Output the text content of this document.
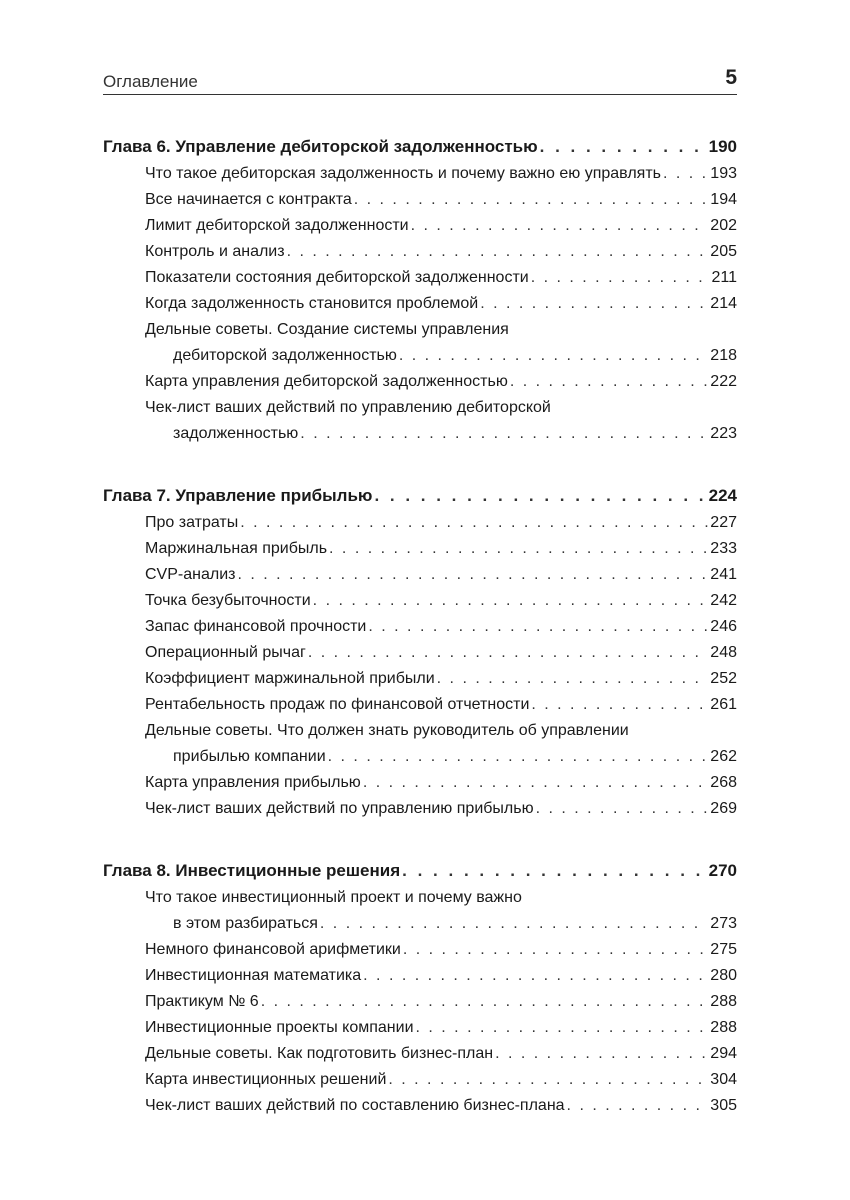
Оглавление	5
Глава 6. Управление дебиторской задолженностью . . .	190
Что такое дебиторская задолженность и почему важно ею управлять . . .	193
Все начинается с контракта . . .	194
Лимит дебиторской задолженности . . .	202
Контроль и анализ . . .	205
Показатели состояния дебиторской задолженности . . .	211
Когда задолженность становится проблемой . . .	214
Дельные советы. Создание системы управления
дебиторской задолженностью . . .	218
Карта управления дебиторской задолженностью . . .	222
Чек-лист ваших действий по управлению дебиторской
задолженностью . . .	223
Глава 7. Управление прибылью . . .	224
Про затраты . . .	227
Маржинальная прибыль . . .	233
CVP-анализ . . .	241
Точка безубыточности . . .	242
Запас финансовой прочности . . .	246
Операционный рычаг . . .	248
Коэффициент маржинальной прибыли . . .	252
Рентабельность продаж по финансовой отчетности . . .	261
Дельные советы. Что должен знать руководитель об управлении
прибылью компании . . .	262
Карта управления прибылью . . .	268
Чек-лист ваших действий по управлению прибылью . . .	269
Глава 8. Инвестиционные решения . . .	270
Что такое инвестиционный проект и почему важно
в этом разбираться . . .	273
Немного финансовой арифметики . . .	275
Инвестиционная математика . . .	280
Практикум № 6 . . .	288
Инвестиционные проекты компании . . .	288
Дельные советы. Как подготовить бизнес-план . . .	294
Карта инвестиционных решений . . .	304
Чек-лист ваших действий по составлению бизнес-плана . . .	305
